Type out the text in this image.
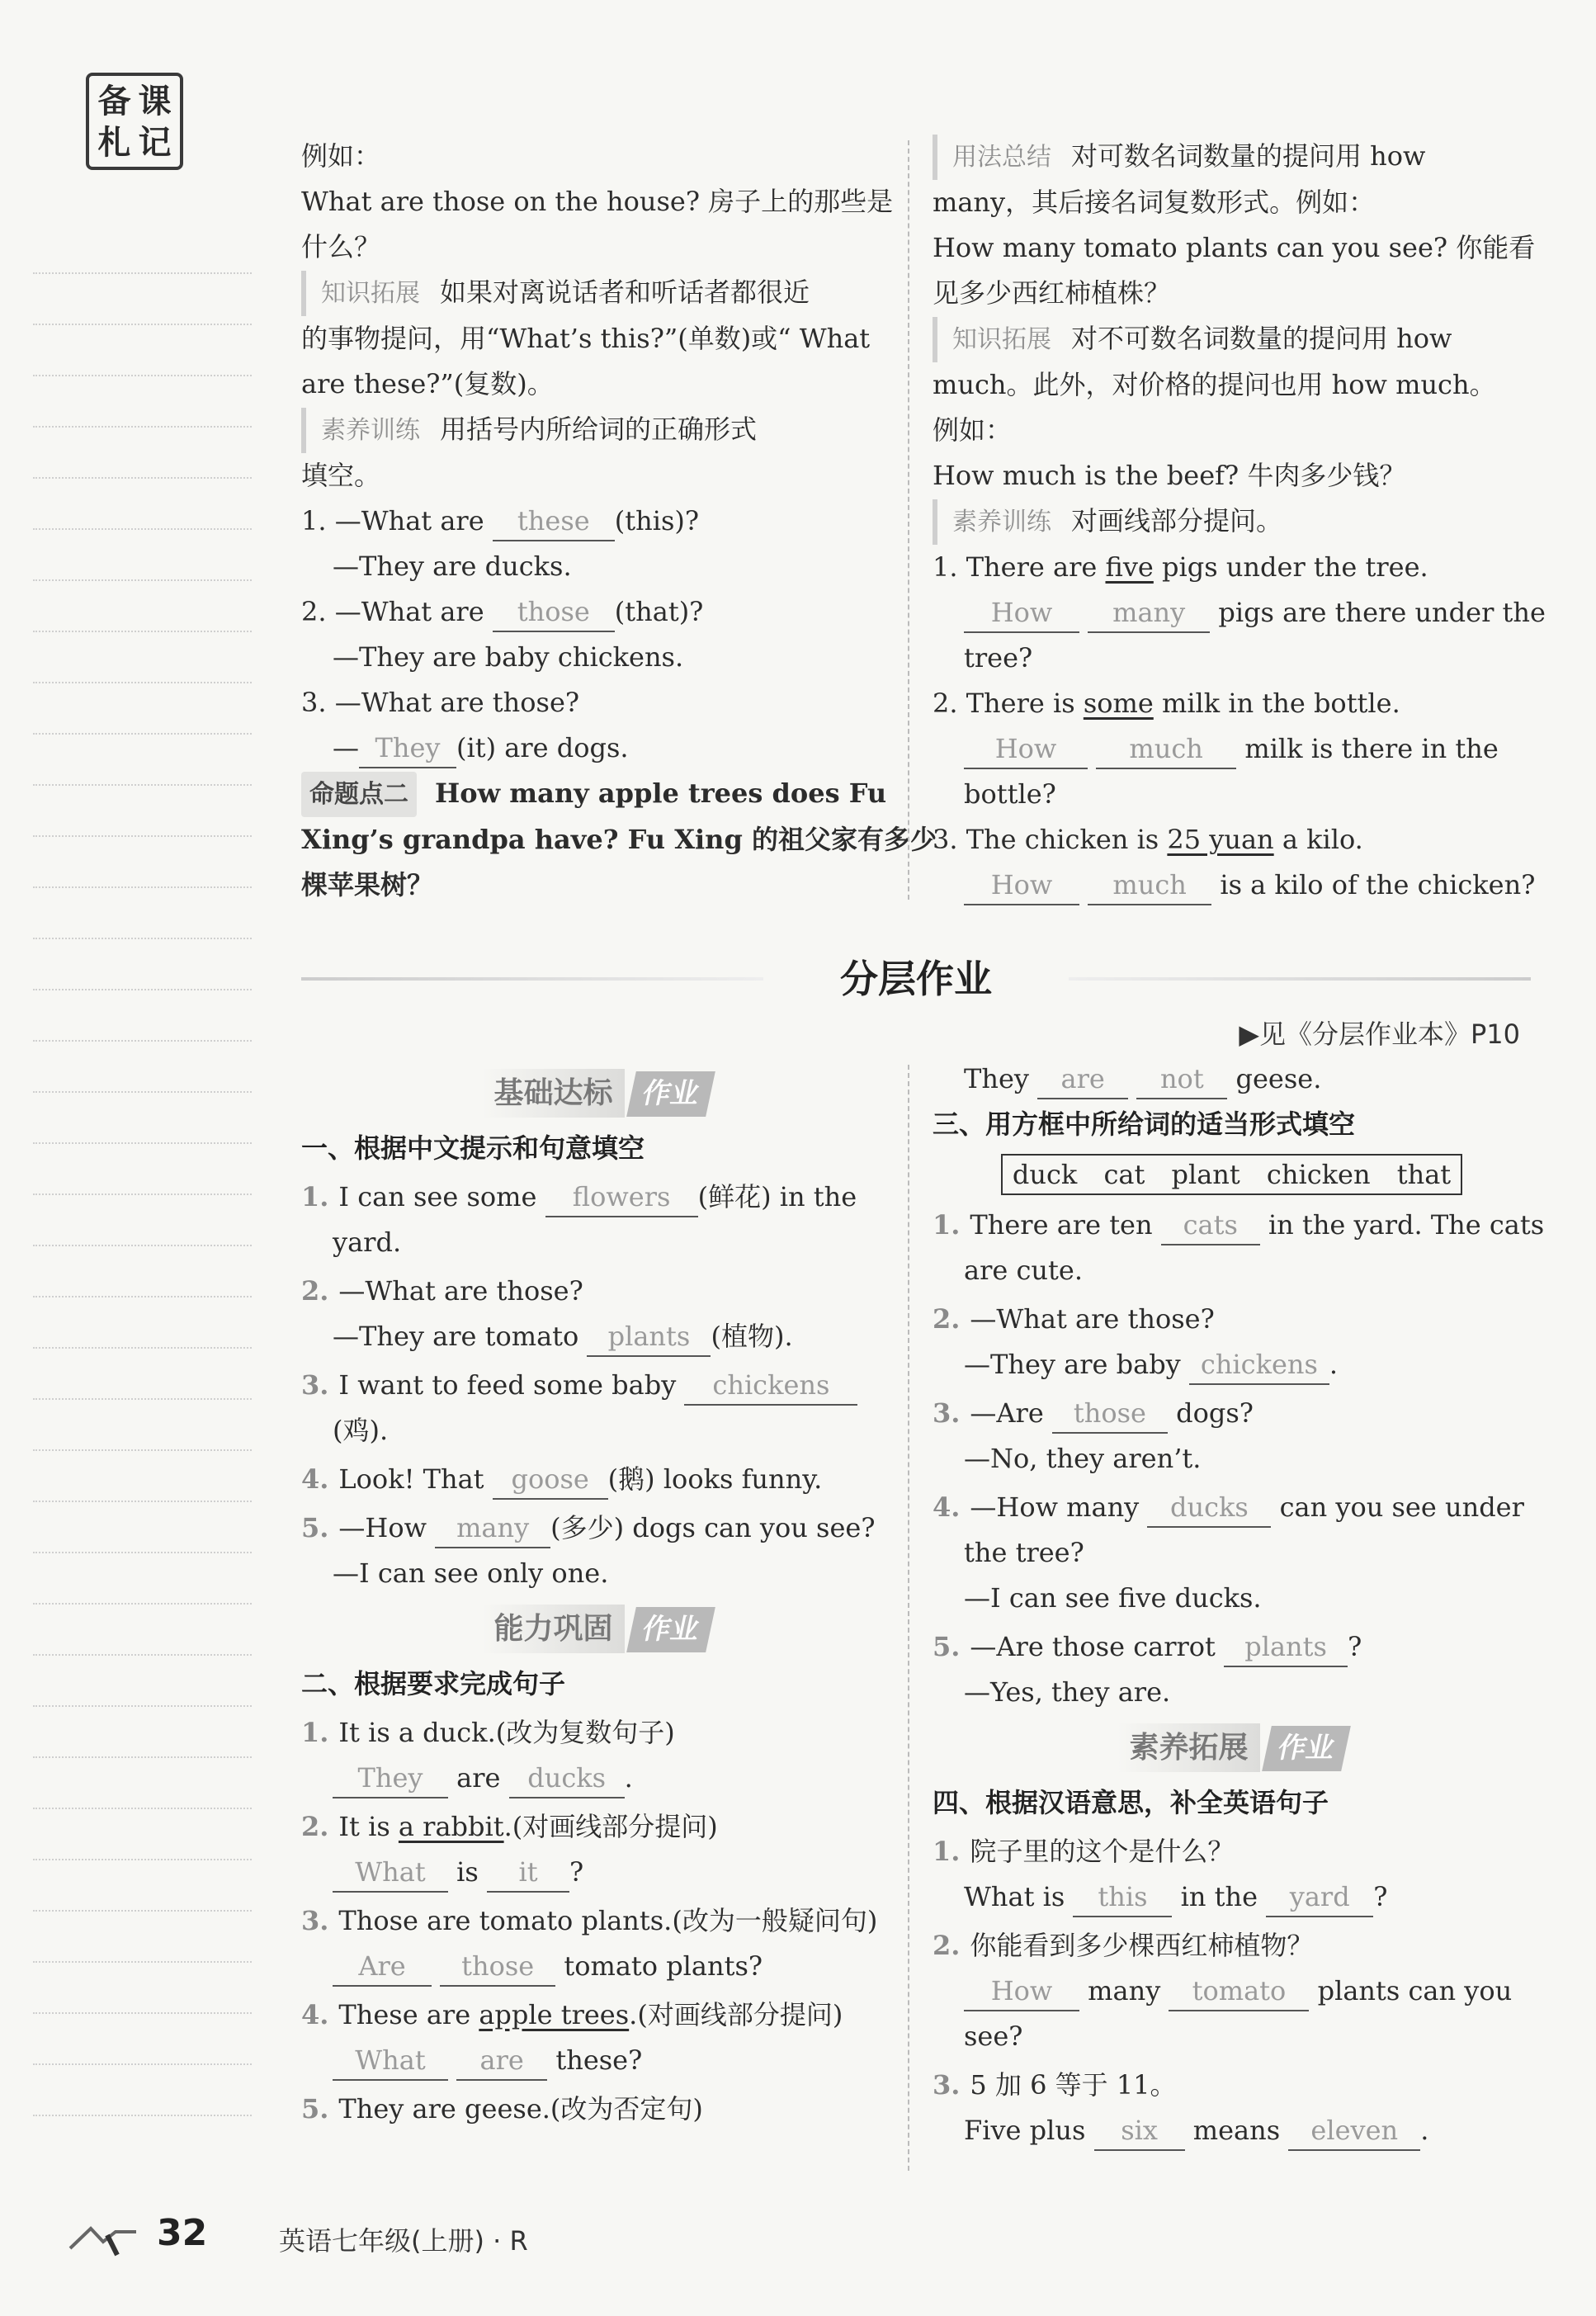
备 课
札 记	例如：
What are those on the house? 房子上的那些是
什么？
知识拓展 如果对离说话者和听话者都很近
的事物提问，用“What’s this?”(单数)或“ What
are these?”(复数)。
素养训练 用括号内所给词的正确形式
填空。
1. —What are these (this)?
—They are ducks.
2. —What are those (that)?
—They are baby chickens.
3. —What are those?
— They (it) are dogs.
命题点二 How many apple trees does Fu
Xing’s grandpa have? Fu Xing 的祖父家有多少
棵苹果树？
用法总结 对可数名词数量的提问用 how
many，其后接名词复数形式。例如：
How many tomato plants can you see? 你能看
见多少西红柿植株？
知识拓展 对不可数名词数量的提问用 how
much。此外，对价格的提问也用 how much。
例如：
How much is the beef? 牛肉多少钱？
素养训练 对画线部分提问。
1. There are five pigs under the tree.
How many pigs are there under the
tree?
2. There is some milk in the bottle.
How	much milk is there in the
bottle?
3. The chicken is 25 yuan a kilo.
How much is a kilo of the chicken?
分层作业
▶见《分层作业本》P10
基础达标 作业
一、根据中文提示和句意填空
1. I can see some flowers (鲜花) in the
yard.
2. —What are those?
—They are tomato plants (植物).
3. I want to feed some baby chickens
(鸡).
4. Look! That goose (鹅) looks funny.
5. —How many (多少) dogs can you see?
—I can see only one.
能力巩固 作业
二、根据要求完成句子
1. It is a duck.(改为复数句子)
They are ducks .
2. It is a rabbit.(对画线部分提问)
What is it ?
3. Those are tomato plants.(改为一般疑问句)
Are those tomato plants?
4. These are apple trees.(对画线部分提问)
What are these?
5. They are geese.(改为否定句)
They are not geese.
三、用方框中所给词的适当形式填空
duck cat plant chicken that
1. There are ten cats in the yard. The cats
are cute.
2. —What are those?
—They are baby chickens .
3. —Are those dogs?
—No, they aren’t.
4. —How many ducks can you see under
the tree?
—I can see five ducks.
5. —Are those carrot plants ?
—Yes, they are.
素养拓展 作业
四、根据汉语意思，补全英语句子
1. 院子里的这个是什么？
What is this in the yard ?
2. 你能看到多少棵西红柿植物？
How many tomato plants can you
see?
3. 5 加 6 等于 11。
Five plus six means eleven .
32	英语七年级(上册) · R
